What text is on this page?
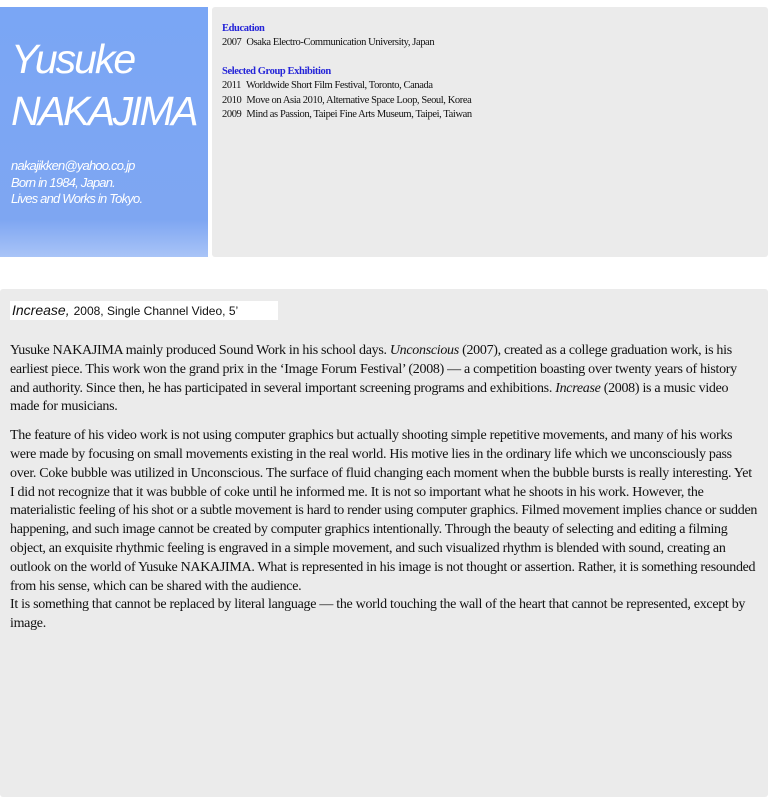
Yusuke

NAKAJIMA

nakajikken@yahoo.co.jp
Born in 1984, Japan.
Lives and Works in Tokyo.

Education

2007 Osaka Electro-Communication University, Japan

Selected Group Exhibition

2011 Worldwide Short Film Festival, Toronto, Canada

2010 Move on Asia 2010, Alternative Space Loop, Seoul, Korea

2009 Mind as Passion, Taipei Fine Arts Museum, Taipei, Taiwan

Increase, 2008, Single Channel Video, 5’

Yusuke NAKAJIMA mainly produced Sound Work in his school days. Unconscious (2007), created as a college graduation work, is his earliest piece. This work won the grand prix in the ‘Image Forum Festival’ (2008) — a competition boasting over twenty years of history and authority. Since then, he has participated in several important screening programs and exhibitions. Increase (2008) is a music video made for musicians.

The feature of his video work is not using computer graphics but actually shooting simple repetitive movements, and many of his works were made by focusing on small movements existing in the real world. His motive lies in the ordinary life which we unconsciously pass over. Coke bubble was utilized in Unconscious. The surface of fluid changing each moment when the bubble bursts is really interesting. Yet I did not recognize that it was bubble of coke until he informed me. It is not so important what he shoots in his work. However, the materialistic feeling of his shot or a subtle movement is hard to render using computer graphics. Filmed movement implies chance or sudden happening, and such image cannot be created by computer graphics intentionally. Through the beauty of selecting and editing a filming object, an exquisite rhythmic feeling is engraved in a simple movement, and such visualized rhythm is blended with sound, creating an outlook on the world of Yusuke NAKAJIMA. What is represented in his image is not thought or assertion. Rather, it is something resounded from his sense, which can be shared with the audience.
It is something that cannot be replaced by literal language — the world touching the wall of the heart that cannot be represented, except by image.
